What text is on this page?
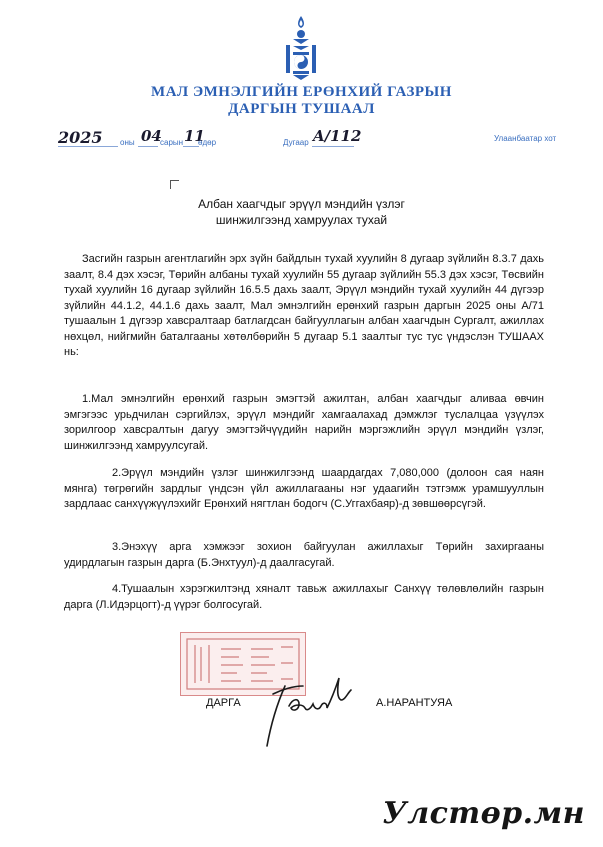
МАЛ ЭМНЭЛГИЙН ЕРӨНХИЙ ГАЗРЫН
ДАРГЫН ТУШААЛ
2025 оны 04
сарын 11
өдөр	Дугаар A/112	Улаанбаатар хот
Албан хаагчдыг эрүүл мэндийн үзлэг
шинжилгээнд хамруулах тухай

Засгийн газрын агентлагийн эрх зүйн байдлын тухай хуулийн 8 дугаар зүйлийн 8.3.7 дахь заалт, 8.4 дэх хэсэг, Төрийн албаны тухай хуулийн 55 дугаар зүйлийн 55.3 дэх хэсэг, Төсвийн тухай хуулийн 16 дугаар зүйлийн 16.5.5 дахь заалт, Эрүүл мэндийн тухай хуулийн 44 дүгээр зүйлийн 44.1.2, 44.1.6 дахь заалт, Мал эмнэлгийн ерөнхий газрын даргын 2025 оны А/71 тушаалын 1 дүгээр хавсралтаар батлагдсан байгууллагын албан хаагчдын Сургалт, ажиллах нөхцөл, нийгмийн баталгааны хөтөлбөрийн 5 дугаар 5.1 заалтыг тус тус үндэслэн ТУШААХ нь:

1.Мал эмнэлгийн ерөнхий газрын эмэгтэй ажилтан, албан хаагчдыг аливаа өвчин эмгэгээс урьдчилан сэргийлэх, эрүүл мэндийг хамгаалахад дэмжлэг туслалцаа үзүүлэх зорилгоор хавсралтын дагуу эмэгтэйчүүдийн нарийн мэргэжлийн эрүүл мэндийн үзлэг, шинжилгээнд хамруулсугай.

2.Эрүүл мэндийн үзлэг шинжилгээнд шаардагдах 7,080,000 (долоон сая наян мянга) төгрөгийн зардлыг үндсэн үйл ажиллагааны нэг удаагийн тэтгэмж урамшууллын зардлаас санхүүжүүлэхийг Ерөнхий нягтлан бодогч (С.Уггахбаяр)-д зөвшөөрсүгэй.

3.Энэхүү арга хэмжээг зохион байгуулан ажиллахыг Төрийн захиргааны удирдлагын газрын дарга (Б.Энхтуул)-д даалгасугай.

4.Тушаалын хэрэгжилтэнд хяналт тавьж ажиллахыг Санхүү төлөвлөлийн газрын дарга (Л.Идэрцогт)-д үүрэг болгосугай.

ДАРГА	А.НАРАНТУЯА
Улстөр.мн
